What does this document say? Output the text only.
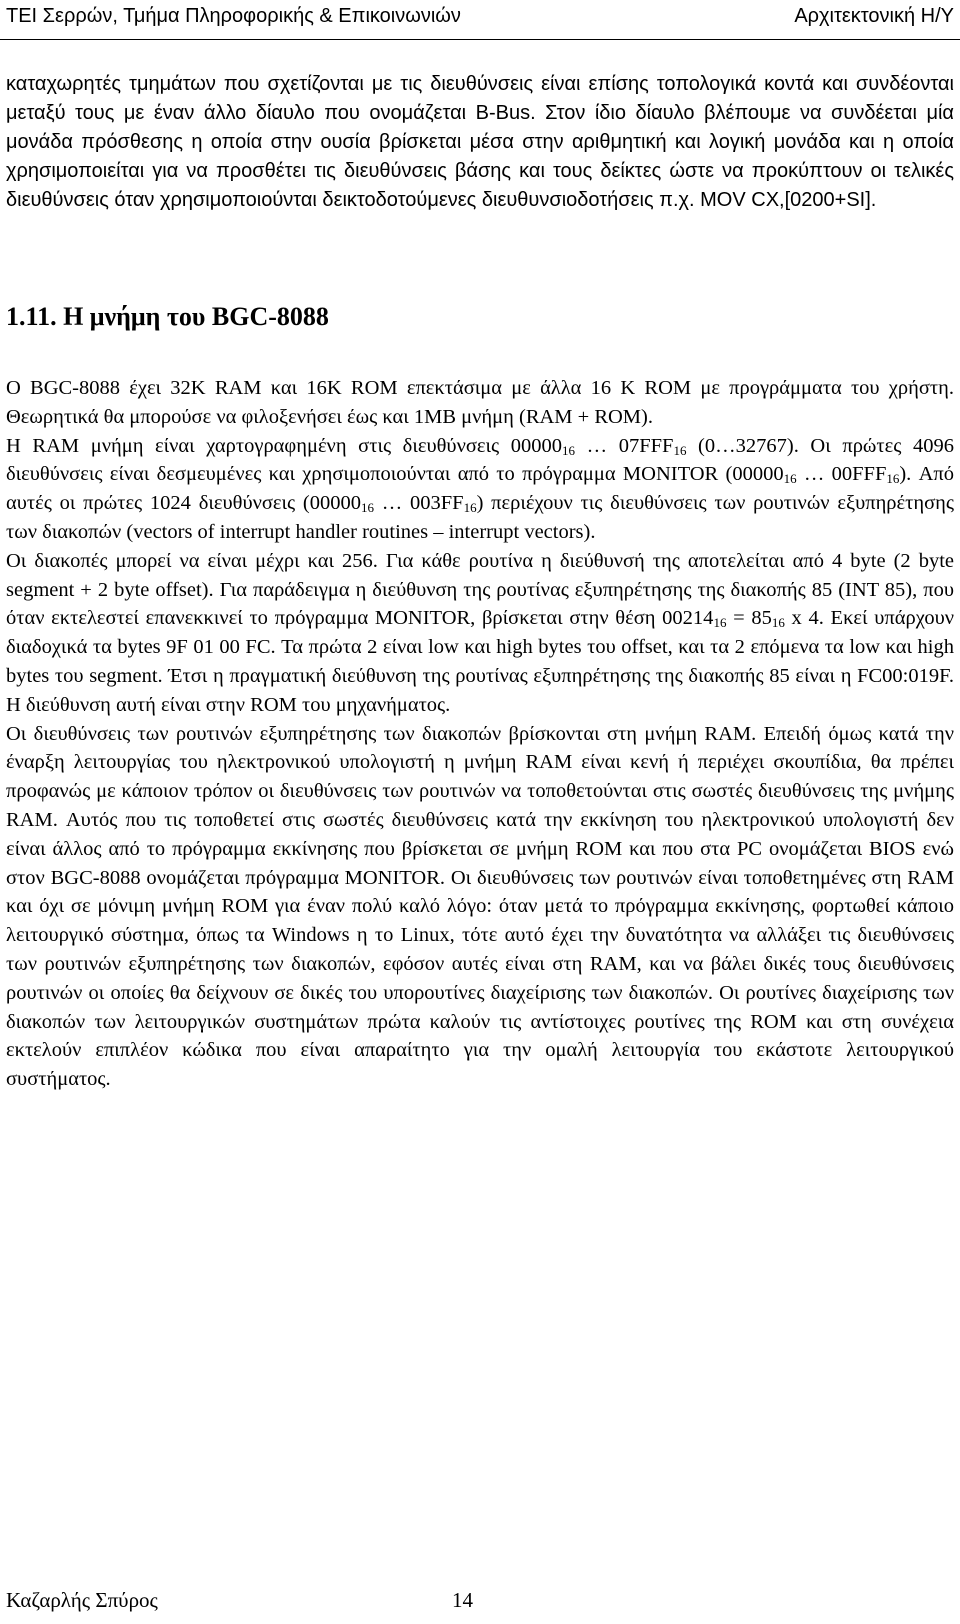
ΤΕΙ Σερρών, Τμήμα Πληροφορικής & Επικοινωνιών	Αρχιτεκτονική Η/Υ

καταχωρητές τμημάτων που σχετίζονται με τις διευθύνσεις είναι επίσης τοπολογικά κοντά και συνδέονται μεταξύ τους με έναν άλλο δίαυλο που ονομάζεται B-Bus. Στον ίδιο δίαυλο βλέπουμε να συνδέεται μία μονάδα πρόσθεσης η οποία στην ουσία βρίσκεται μέσα στην αριθμητική και λογική μονάδα και η οποία χρησιμοποιείται για να προσθέτει τις διευθύνσεις βάσης και τους δείκτες ώστε να προκύπτουν οι τελικές διευθύνσεις όταν χρησιμοποιούνται δεικτοδοτούμενες διευθυνσιοδοτήσεις π.χ. MOV CX,[0200+SI].

1.11. Η μνήμη του BGC-8088

Ο BGC-8088 έχει 32K RAM και 16K ROM επεκτάσιμα με άλλα 16 K ROM με προγράμματα του χρήστη. Θεωρητικά θα μπορούσε να φιλοξενήσει έως και 1MB μνήμη (RAM + ROM).

Η RAM μνήμη είναι χαρτογραφημένη στις διευθύνσεις $00000_{16}$ … $07FFF_{16}$ (0…32767). Οι πρώτες 4096 διευθύνσεις είναι δεσμευμένες και χρησιμοποιούνται από το πρόγραμμα MONITOR ($00000_{16}$ … $00FFF_{16}$). Από αυτές οι πρώτες 1024 διευθύνσεις ($00000_{16}$ … $003FF_{16}$) περιέχουν τις διευθύνσεις των ρουτινών εξυπηρέτησης των διακοπών (vectors of interrupt handler routines – interrupt vectors).

Οι διακοπές μπορεί να είναι μέχρι και 256. Για κάθε ρουτίνα η διεύθυνσή της αποτελείται από 4 byte (2 byte segment + 2 byte offset). Για παράδειγμα η διεύθυνση της ρουτίνας εξυπηρέτησης της διακοπής 85 (INT 85), που όταν εκτελεστεί επανεκκινεί το πρόγραμμα MONITOR, βρίσκεται στην θέση $00214_{16} = 85_{16}$ x 4. Εκεί υπάρχουν διαδοχικά τα bytes 9F 01 00 FC. Τα πρώτα 2 είναι low και high bytes του offset, και τα 2 επόμενα τα low και high bytes του segment. Έτσι η πραγματική διεύθυνση της ρουτίνας εξυπηρέτησης της διακοπής 85 είναι η FC00:019F. Η διεύθυνση αυτή είναι στην ROM του μηχανήματος.

Οι διευθύνσεις των ρουτινών εξυπηρέτησης των διακοπών βρίσκονται στη μνήμη RAM. Επειδή όμως κατά την έναρξη λειτουργίας του ηλεκτρονικού υπολογιστή η μνήμη RAM είναι κενή ή περιέχει σκουπίδια, θα πρέπει προφανώς με κάποιον τρόπον οι διευθύνσεις των ρουτινών να τοποθετούνται στις σωστές διευθύνσεις της μνήμης RAM. Αυτός που τις τοποθετεί στις σωστές διευθύνσεις κατά την εκκίνηση του ηλεκτρονικού υπολογιστή δεν είναι άλλος από το πρόγραμμα εκκίνησης που βρίσκεται σε μνήμη ROM και που στα PC ονομάζεται BIOS ενώ στον BGC-8088 ονομάζεται πρόγραμμα MONITOR. Οι διευθύνσεις των ρουτινών είναι τοποθετημένες στη RAM και όχι σε μόνιμη μνήμη ROM για έναν πολύ καλό λόγο: όταν μετά το πρόγραμμα εκκίνησης, φορτωθεί κάποιο λειτουργικό σύστημα, όπως τα Windows η το Linux, τότε αυτό έχει την δυνατότητα να αλλάξει τις διευθύνσεις των ρουτινών εξυπηρέτησης των διακοπών, εφόσον αυτές είναι στη RAM, και να βάλει δικές τους διευθύνσεις ρουτινών οι οποίες θα δείχνουν σε δικές του υπορουτίνες διαχείρισης των διακοπών. Οι ρουτίνες διαχείρισης των διακοπών των λειτουργικών συστημάτων πρώτα καλούν τις αντίστοιχες ρουτίνες της ROM και στη συνέχεια εκτελούν επιπλέον κώδικα που είναι απαραίτητο για την ομαλή λειτουργία του εκάστοτε λειτουργικού συστήματος.

Καζαρλής Σπύρος	14
